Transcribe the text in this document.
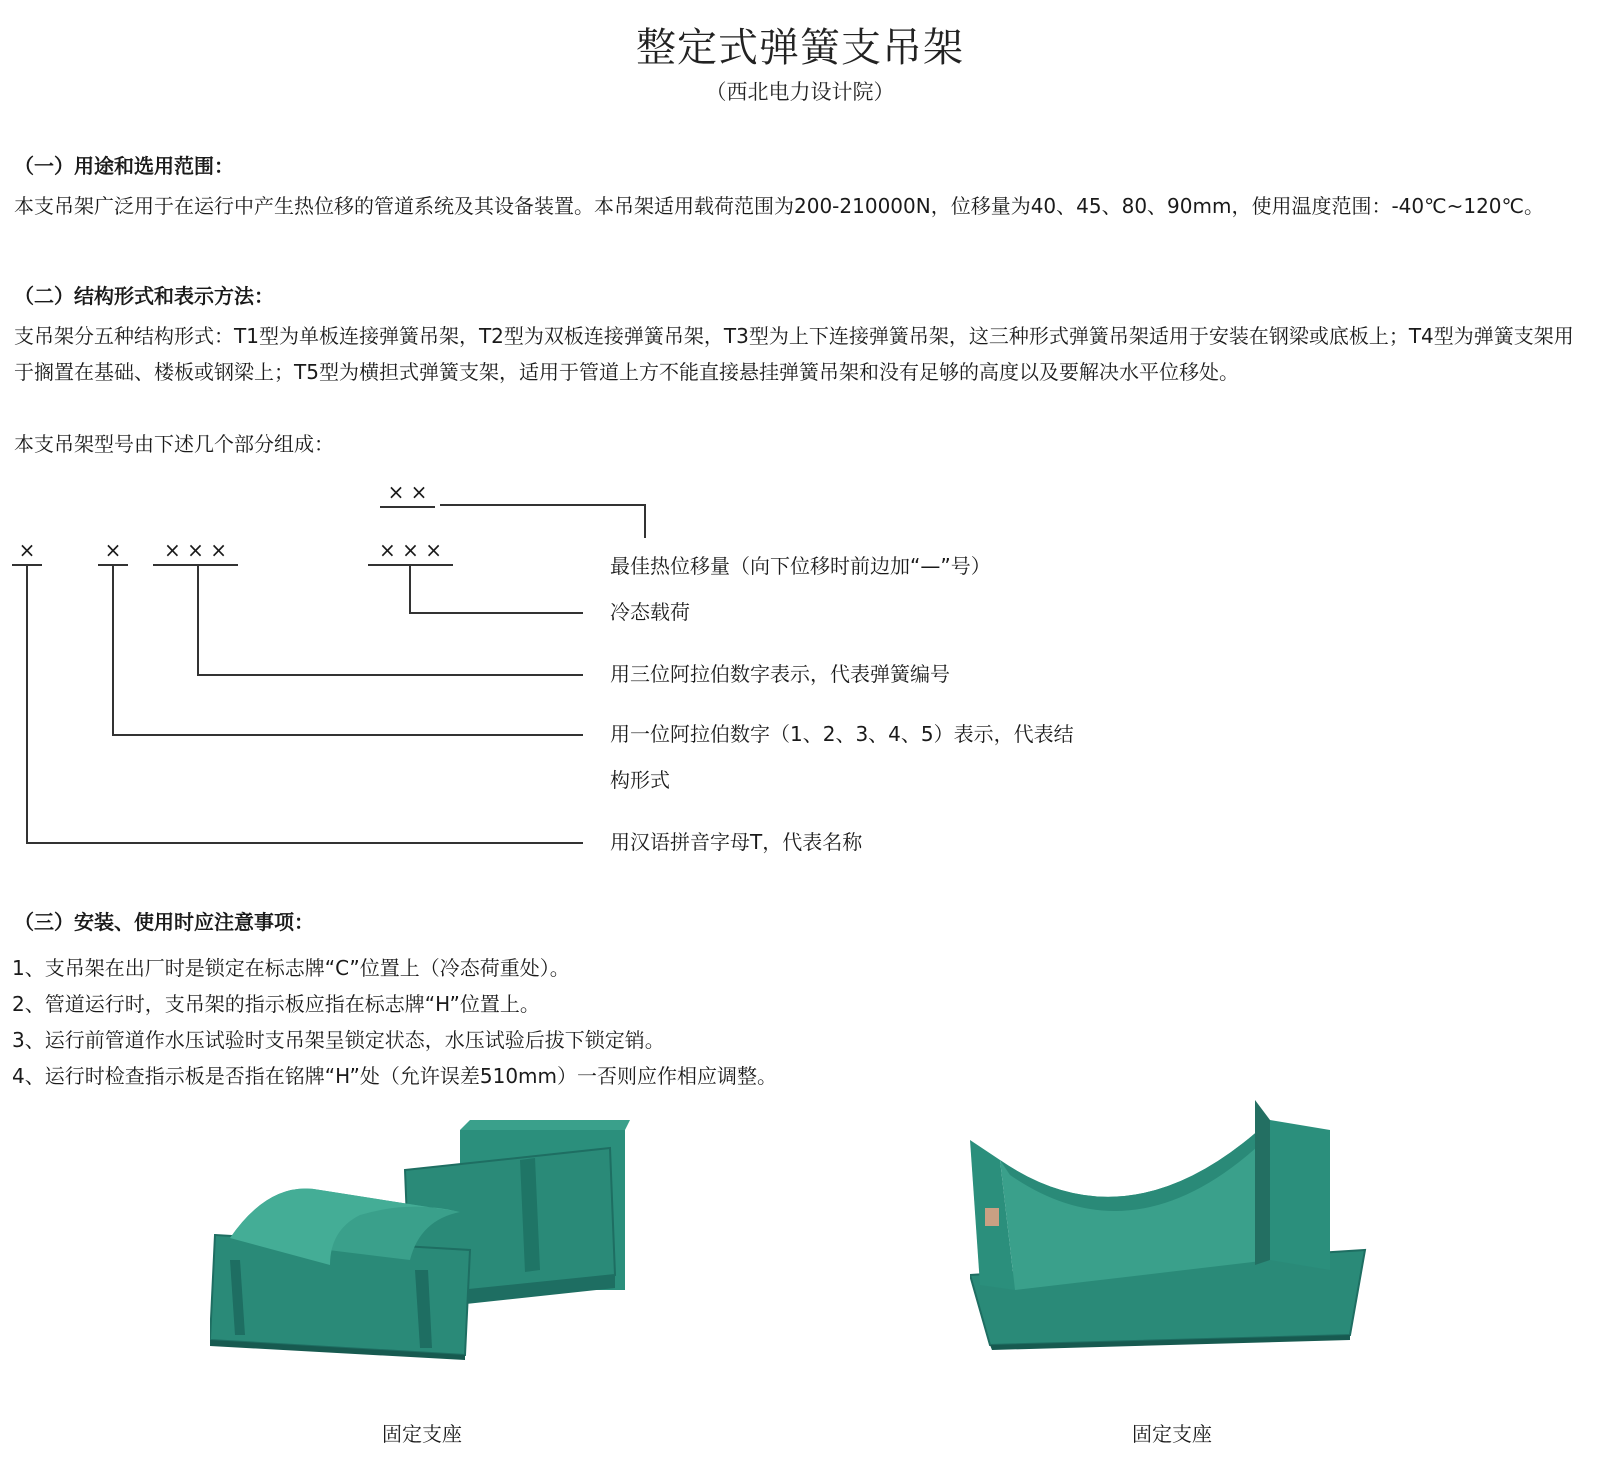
整定式弹簧支吊架
（西北电力设计院）
（一）用途和选用范围：
本支吊架广泛用于在运行中产生热位移的管道系统及其设备装置。本吊架适用载荷范围为200-210000N，位移量为40、45、80、90mm，使用温度范围：-40℃~120℃。
（二）结构形式和表示方法：
支吊架分五种结构形式：T1型为单板连接弹簧吊架，T2型为双板连接弹簧吊架，T3型为上下连接弹簧吊架，这三种形式弹簧吊架适用于安装在钢梁或底板上；T4型为弹簧支架用于搁置在基础、楼板或钢梁上；T5型为横担式弹簧支架，适用于管道上方不能直接悬挂弹簧吊架和没有足够的高度以及要解决水平位移处。
本支吊架型号由下述几个部分组成：
× ×
×	×	× × ×	× × ×
最佳热位移量（向下位移时前边加“—”号）
冷态载荷
用三位阿拉伯数字表示，代表弹簧编号
用一位阿拉伯数字（1、2、3、4、5）表示，代表结
构形式
用汉语拼音字母T，代表名称
（三）安装、使用时应注意事项：
1、支吊架在出厂时是锁定在标志牌“C”位置上（冷态荷重处）。
2、管道运行时，支吊架的指示板应指在标志牌“H”位置上。
3、运行前管道作水压试验时支吊架呈锁定状态，水压试验后拔下锁定销。
4、运行时检查指示板是否指在铭牌“H”处（允许误差510mm）一否则应作相应调整。
固定支座	固定支座
